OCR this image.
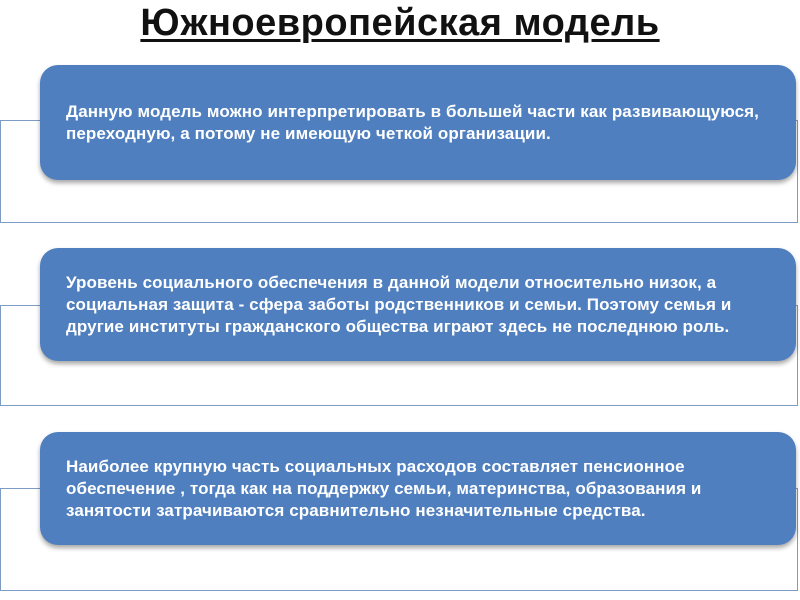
Южноевропейская модель
Данную модель можно интерпретировать в большей части как развивающуюся, переходную, а потому не имеющую четкой организации.
Уровень социального обеспечения в данной модели относительно низок, а социальная защита - сфера заботы родственников и семьи. Поэтому семья и другие институты гражданского общества играют здесь не последнюю роль.
Наиболее крупную часть социальных расходов составляет пенсионное обеспечение , тогда как на поддержку семьи, материнства, образования и занятости затрачиваются сравнительно незначительные средства.
